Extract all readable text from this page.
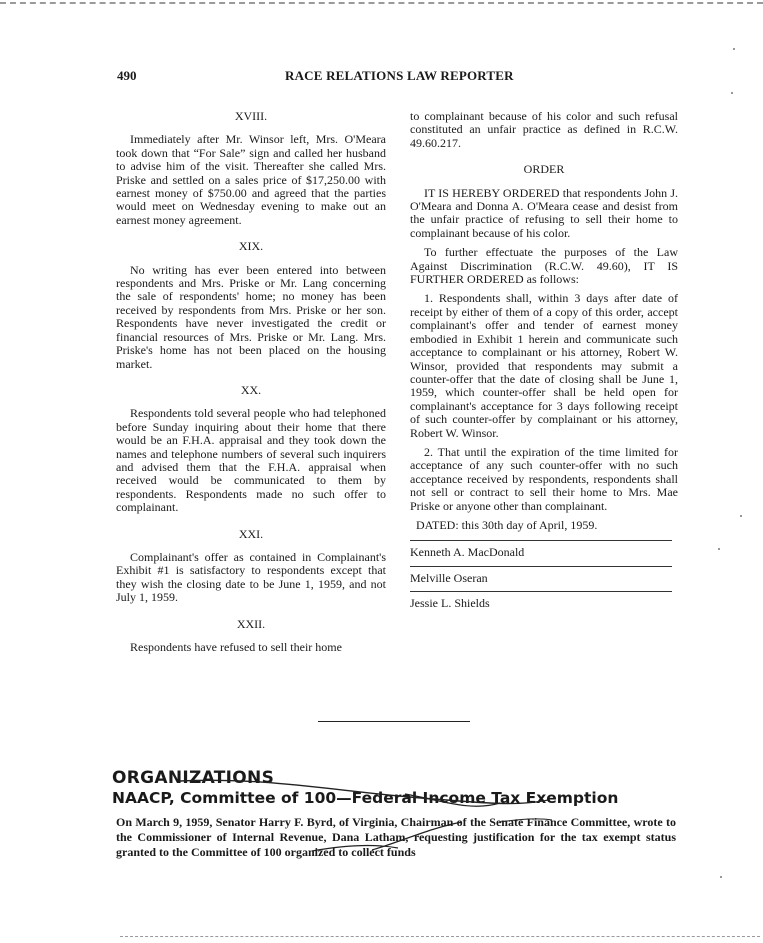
490	RACE RELATIONS LAW REPORTER
XVIII.

Immediately after Mr. Winsor left, Mrs. O'Meara took down that “For Sale” sign and called her husband to advise him of the visit. Thereafter she called Mrs. Priske and settled on a sales price of $17,250.00 with earnest money of $750.00 and agreed that the parties would meet on Wednesday evening to make out an earnest money agreement.

XIX.

No writing has ever been entered into between respondents and Mrs. Priske or Mr. Lang concerning the sale of respondents' home; no money has been received by respondents from Mrs. Priske or her son. Respondents have never investigated the credit or financial resources of Mrs. Priske or Mr. Lang. Mrs. Priske's home has not been placed on the housing market.

XX.

Respondents told several people who had telephoned before Sunday inquiring about their home that there would be an F.H.A. appraisal and they took down the names and telephone numbers of several such inquirers and advised them that the F.H.A. appraisal when received would be communicated to them by respondents. Respondents made no such offer to complainant.

XXI.

Complainant's offer as contained in Complainant's Exhibit #1 is satisfactory to respondents except that they wish the closing date to be June 1, 1959, and not July 1, 1959.

XXII.

Respondents have refused to sell their home

to complainant because of his color and such refusal constituted an unfair practice as defined in R.C.W. 49.60.217.

ORDER

IT IS HEREBY ORDERED that respondents John J. O'Meara and Donna A. O'Meara cease and desist from the unfair practice of refusing to sell their home to complainant because of his color.

To further effectuate the purposes of the Law Against Discrimination (R.C.W. 49.60), IT IS FURTHER ORDERED as follows:

1. Respondents shall, within 3 days after date of receipt by either of them of a copy of this order, accept complainant's offer and tender of earnest money embodied in Exhibit 1 herein and communicate such acceptance to complainant or his attorney, Robert W. Winsor, provided that respondents may submit a counter-offer that the date of closing shall be June 1, 1959, which counter-offer shall be held open for complainant's acceptance for 3 days following receipt of such counter-offer by complainant or his attorney, Robert W. Winsor.

2. That until the expiration of the time limited for acceptance of any such counter-offer with no such acceptance received by respondents, respondents shall not sell or contract to sell their home to Mrs. Mae Priske or anyone other than complainant.

DATED: this 30th day of April, 1959.

Kenneth A. MacDonald
Melville Oseran
Jessie L. Shields
ORGANIZATIONS
NAACP, Committee of 100—Federal Income Tax Exemption
On March 9, 1959, Senator Harry F. Byrd, of Virginia, Chairman of the Senate Finance Committee, wrote to the Commissioner of Internal Revenue, Dana Latham, requesting justification for the tax exempt status granted to the Committee of 100 organized to collect funds
